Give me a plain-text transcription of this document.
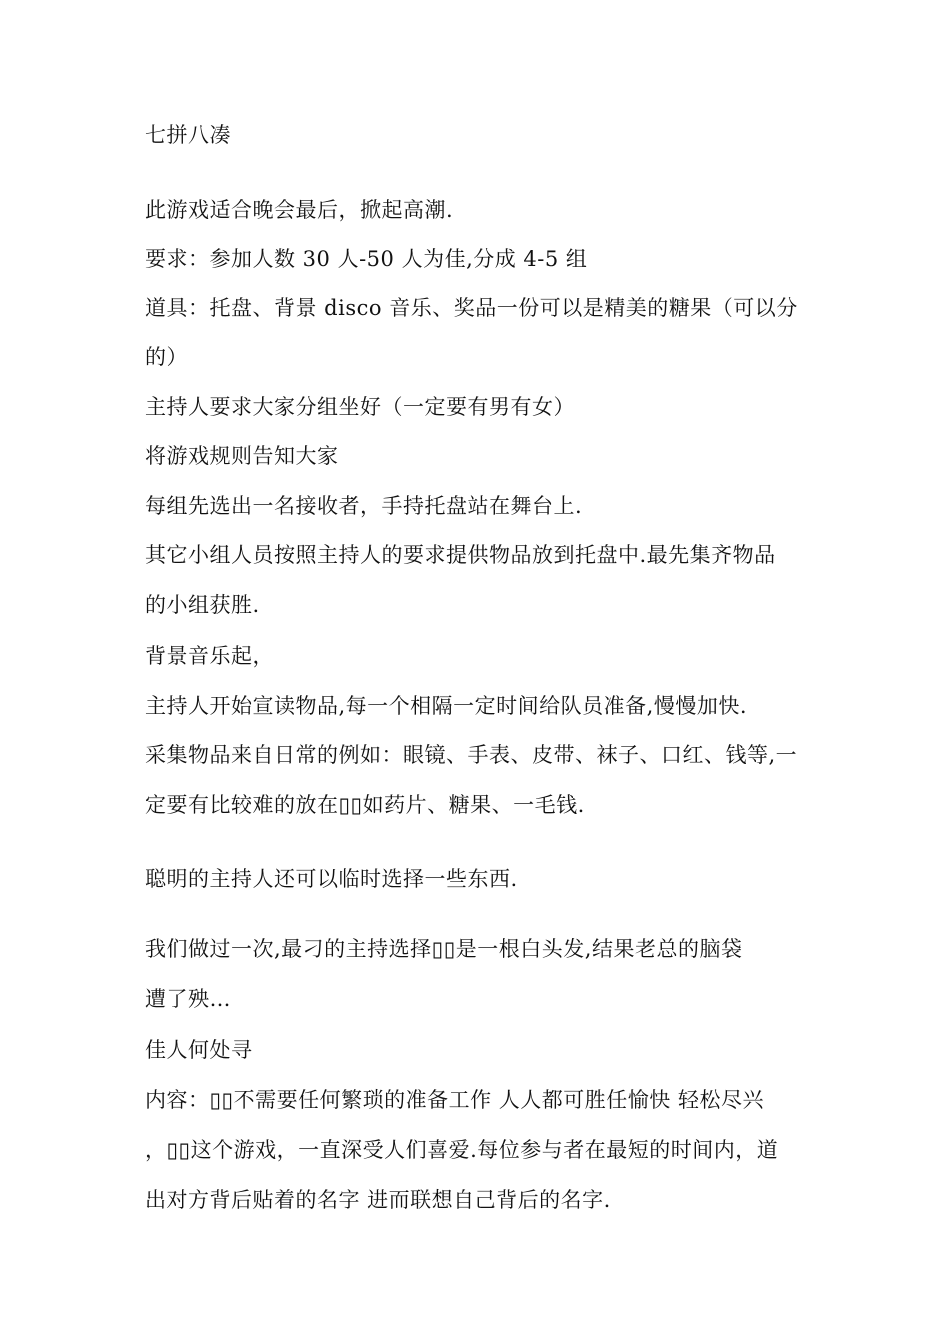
七拼八凑
此游戏适合晚会最后，掀起高潮.
要求：参加人数 30 人-50 人为佳,分成 4-5 组
道具：托盘、背景 disco 音乐、奖品一份可以是精美的糖果（可以分
的）
主持人要求大家分组坐好（一定要有男有女）
将游戏规则告知大家
每组先选出一名接收者，手持托盘站在舞台上.
其它小组人员按照主持人的要求提供物品放到托盘中.最先集齐物品
的小组获胜.
背景音乐起，
主持人开始宣读物品,每一个相隔一定时间给队员准备,慢慢加快.
采集物品来自日常的例如：眼镜、手表、皮带、袜子、口红、钱等,一
定要有比较难的放在▯▯如药片、糖果、一毛钱.
聪明的主持人还可以临时选择一些东西.
我们做过一次,最刁的主持选择▯▯是一根白头发,结果老总的脑袋
遭了殃…
佳人何处寻
内容：▯▯不需要任何繁琐的准备工作 人人都可胜任愉快 轻松尽兴
，▯▯这个游戏，一直深受人们喜爱.每位参与者在最短的时间内，道
出对方背后贴着的名字 进而联想自己背后的名字.
